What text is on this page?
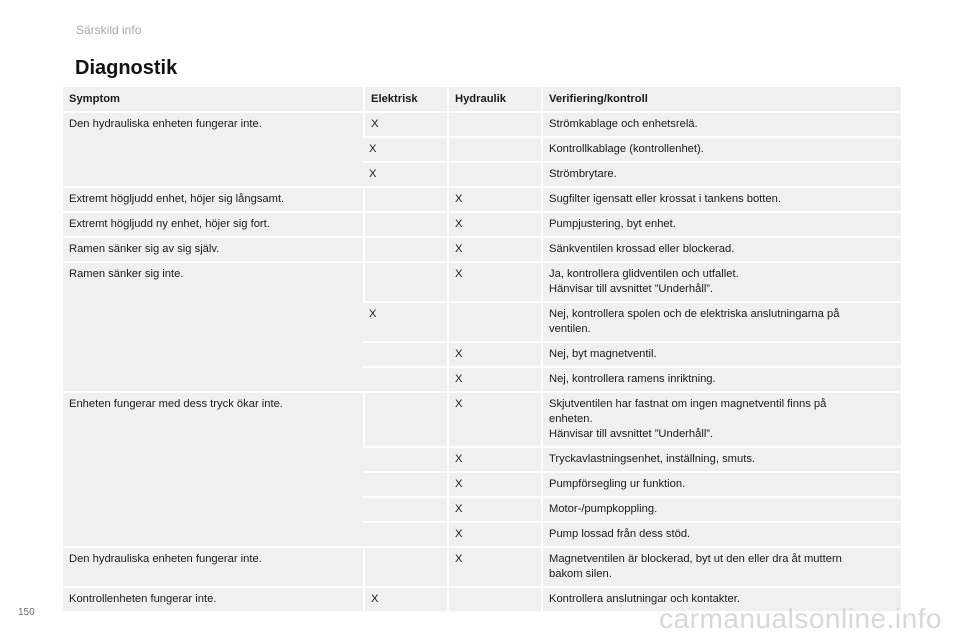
Särskild info
Diagnostik
Symptom	Elektrisk	Hydraulik	Verifiering/kontroll
Den hydrauliska enheten fungerar inte.	X		Strömkablage och enhetsrelä.
	X		Kontrollkablage (kontrollenhet).
	X		Strömbrytare.
Extremt högljudd enhet, höjer sig långsamt.		X	Sugfilter igensatt eller krossat i tankens botten.
Extremt högljudd ny enhet, höjer sig fort.		X	Pumpjustering, byt enhet.
Ramen sänker sig av sig själv.		X	Sänkventilen krossad eller blockerad.
Ramen sänker sig inte.		X	Ja, kontrollera glidventilen och utfallet.
Hänvisar till avsnittet ”Underhåll”.
	X		Nej, kontrollera spolen och de elektriska anslutningarna på
ventilen.
		X	Nej, byt magnetventil.
		X	Nej, kontrollera ramens inriktning.
Enheten fungerar med dess tryck ökar inte.		X	Skjutventilen har fastnat om ingen magnetventil finns på
enheten.
Hänvisar till avsnittet ”Underhåll”.
		X	Tryckavlastningsenhet, inställning, smuts.
		X	Pumpförsegling ur funktion.
		X	Motor-/pumpkoppling.
		X	Pump lossad från dess stöd.
Den hydrauliska enheten fungerar inte.		X	Magnetventilen är blockerad, byt ut den eller dra åt muttern
bakom silen.
Kontrollenheten fungerar inte.	X		Kontrollera anslutningar och kontakter.
150	carmanualsonline.info
